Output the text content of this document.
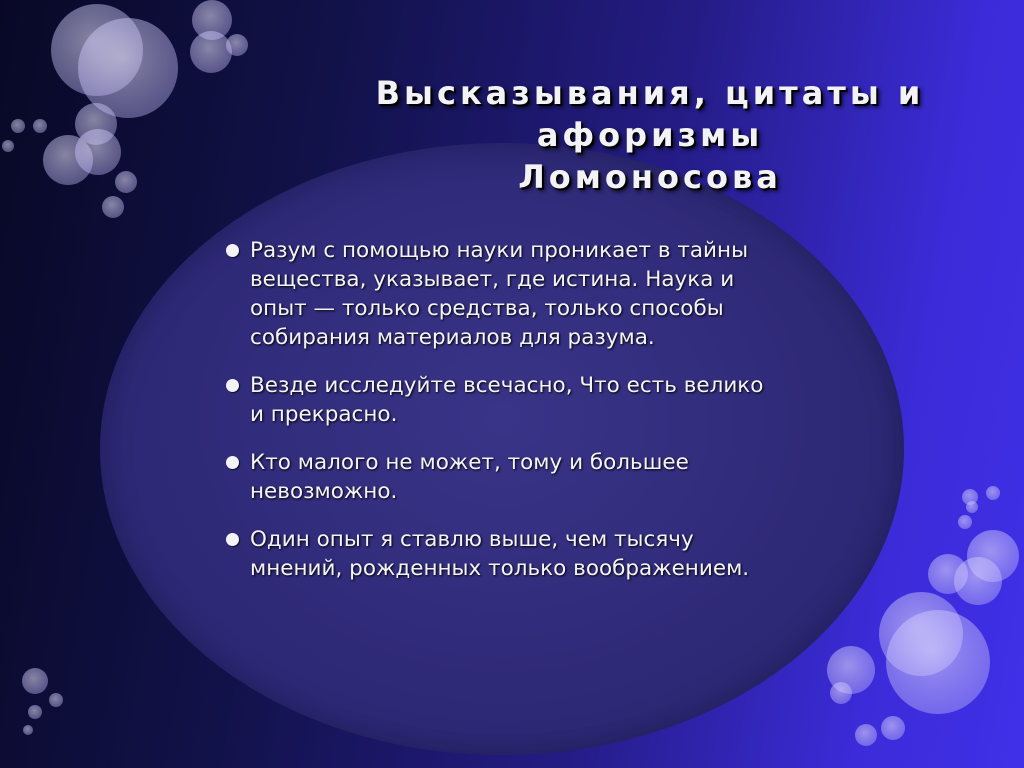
Высказывания, цитаты и афоризмы
Ломоносова
Разум с помощью науки проникает в тайны вещества, указывает, где истина. Наука и опыт — только средства, только способы собирания материалов для разума.
Везде исследуйте всечасно, Что есть велико и прекрасно.
Кто малого не может, тому и большее невозможно.
Один опыт я ставлю выше, чем тысячу мнений, рожденных только воображением.
